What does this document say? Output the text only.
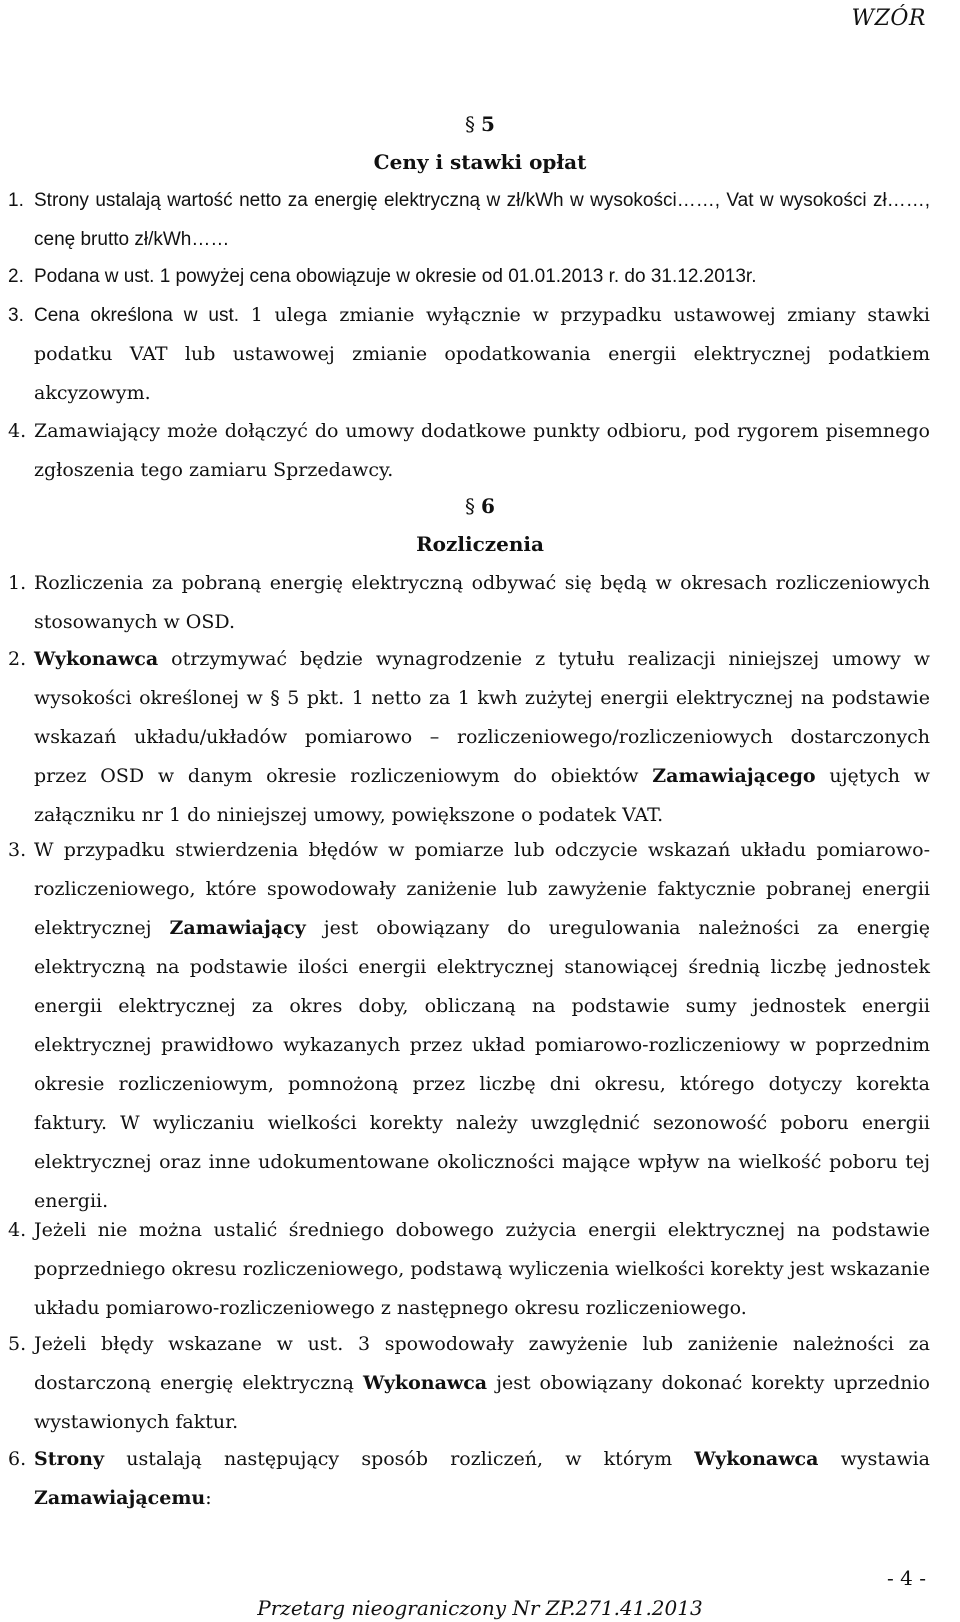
WZÓR
§ 5
Ceny i stawki opłat
1. Strony ustalają wartość netto za energię elektryczną w zł/kWh w wysokości……, Vat w wysokości zł……, cenę brutto zł/kWh……
2. Podana w ust. 1 powyżej cena obowiązuje w okresie od 01.01.2013 r. do 31.12.2013r.
3. Cena określona w ust. 1 ulega zmianie wyłącznie w przypadku ustawowej zmiany stawki podatku VAT lub ustawowej zmianie opodatkowania energii elektrycznej podatkiem akcyzowym.
4. Zamawiający może dołączyć do umowy dodatkowe punkty odbioru, pod rygorem pisemnego zgłoszenia tego zamiaru Sprzedawcy.
§ 6
Rozliczenia
1. Rozliczenia za pobraną energię elektryczną odbywać się będą w okresach rozliczeniowych stosowanych w OSD.
2. Wykonawca otrzymywać będzie wynagrodzenie z tytułu realizacji niniejszej umowy w wysokości określonej w § 5 pkt. 1 netto za 1 kwh zużytej energii elektrycznej na podstawie wskazań układu/układów pomiarowo – rozliczeniowego/rozliczeniowych dostarczonych przez OSD w danym okresie rozliczeniowym do obiektów Zamawiającego ujętych w załączniku nr 1 do niniejszej umowy, powiększone o podatek VAT.
3. W przypadku stwierdzenia błędów w pomiarze lub odczycie wskazań układu pomiarowo-rozliczeniowego, które spowodowały zaniżenie lub zawyżenie faktycznie pobranej energii elektrycznej Zamawiający jest obowiązany do uregulowania należności za energię elektryczną na podstawie ilości energii elektrycznej stanowiącej średnią liczbę jednostek energii elektrycznej za okres doby, obliczaną na podstawie sumy jednostek energii elektrycznej prawidłowo wykazanych przez układ pomiarowo-rozliczeniowy w poprzednim okresie rozliczeniowym, pomnożoną przez liczbę dni okresu, którego dotyczy korekta faktury. W wyliczaniu wielkości korekty należy uwzględnić sezonowość poboru energii elektrycznej oraz inne udokumentowane okoliczności mające wpływ na wielkość poboru tej energii.
4. Jeżeli nie można ustalić średniego dobowego zużycia energii elektrycznej na podstawie poprzedniego okresu rozliczeniowego, podstawą wyliczenia wielkości korekty jest wskazanie układu pomiarowo-rozliczeniowego z następnego okresu rozliczeniowego.
5. Jeżeli błędy wskazane w ust. 3 spowodowały zawyżenie lub zaniżenie należności za dostarczoną energię elektryczną Wykonawca jest obowiązany dokonać korekty uprzednio wystawionych faktur.
6. Strony ustalają następujący sposób rozliczeń, w którym Wykonawca wystawia Zamawiającemu:
- 4 -
Przetarg nieograniczony Nr ZP.271.41.2013
